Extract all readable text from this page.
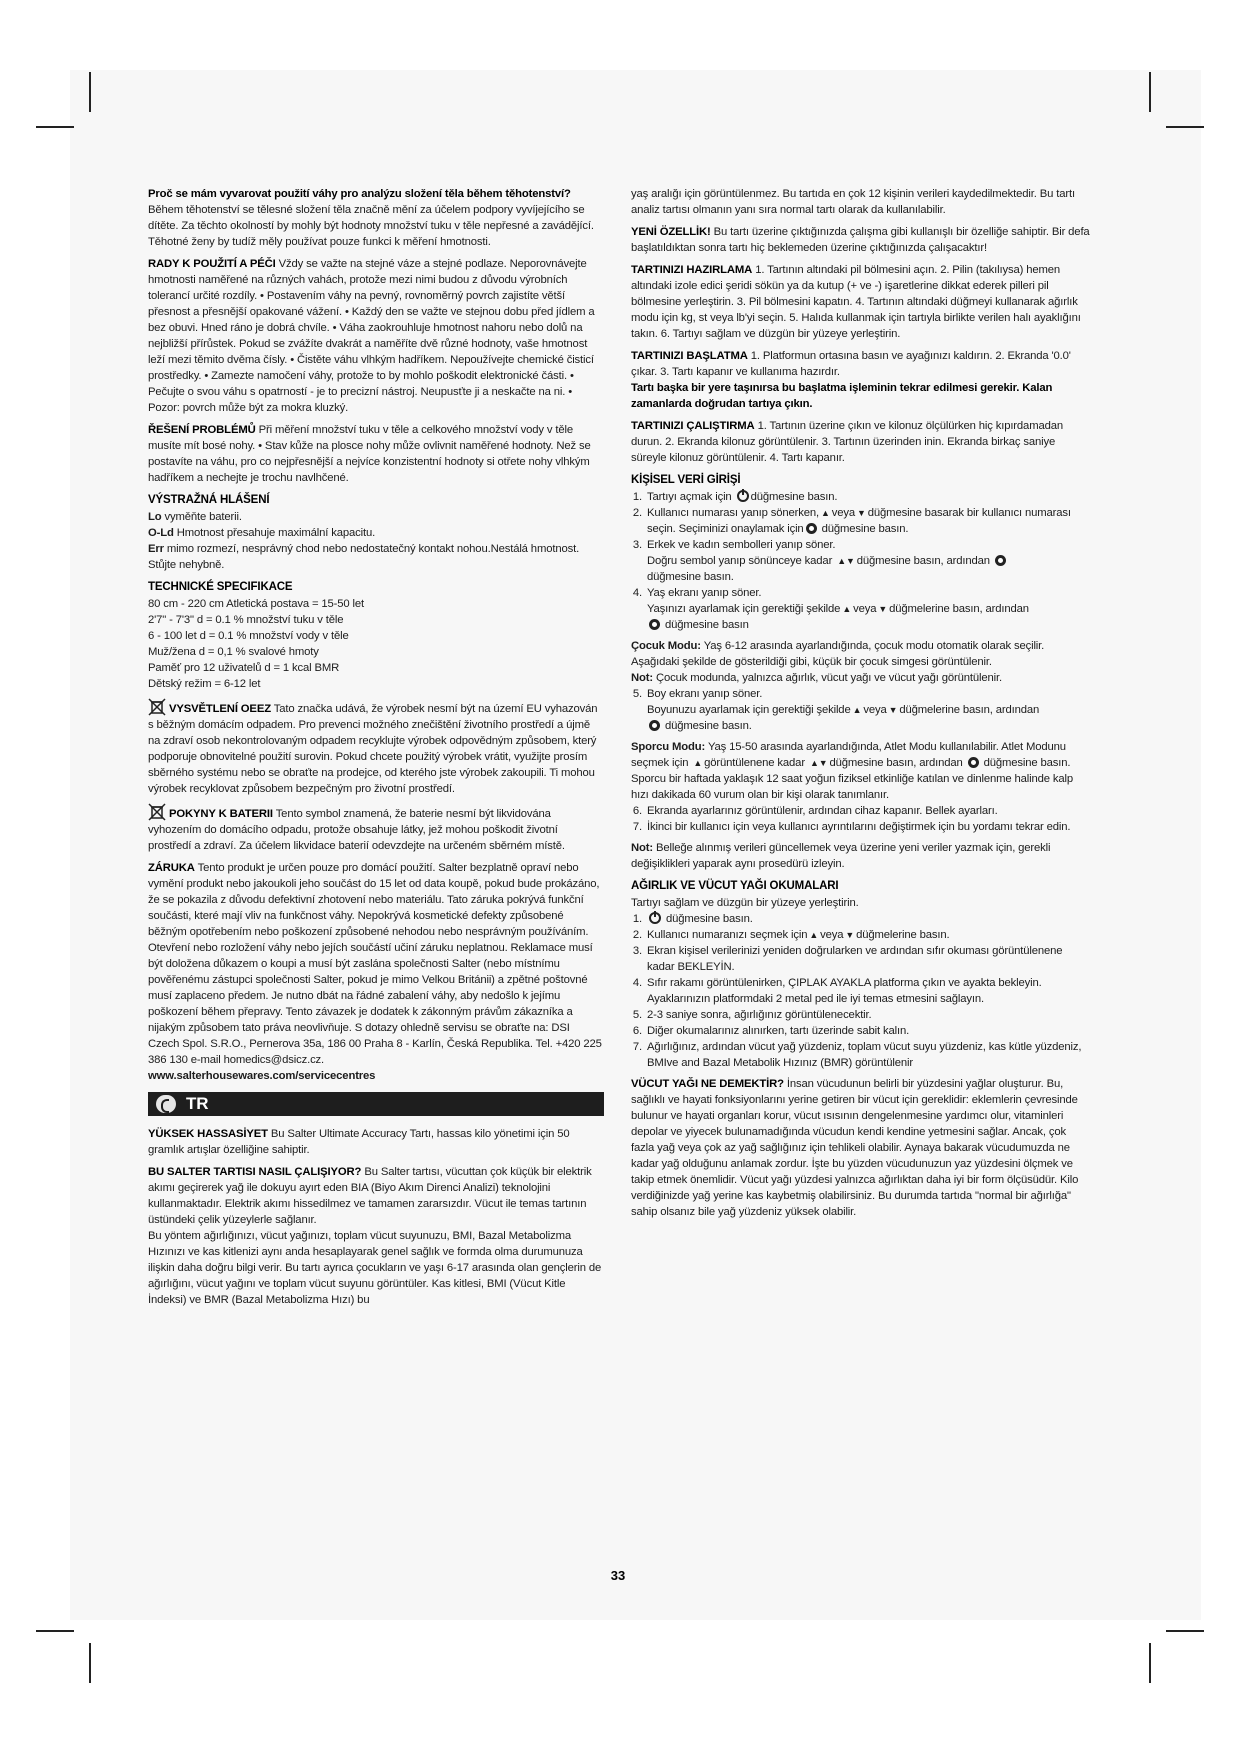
Proč se mám vyvarovat použití váhy pro analýzu složení těla během těhotenství?

Během těhotenství se tělesné složení těla značně mění za účelem podpory vyvíjejícího se dítěte. Za těchto okolností by mohly být hodnoty množství tuku v těle nepřesné a zavádějící. Těhotné ženy by tudíž měly používat pouze funkci k měření hmotnosti.

RADY K POUŽITÍ A PÉČI Vždy se važte na stejné váze a stejné podlaze. Neporovnávejte hmotnosti naměřené na různých vahách, protože mezi nimi budou z důvodu výrobních tolerancí určité rozdíly. • Postavením váhy na pevný, rovnoměrný povrch zajistíte větší přesnost a přesnější opakované vážení. • Každý den se važte ve stejnou dobu před jídlem a bez obuvi. Hned ráno je dobrá chvíle. • Váha zaokrouhluje hmotnost nahoru nebo dolů na nejbližší přírůstek. Pokud se zvážíte dvakrát a naměříte dvě různé hodnoty, vaše hmotnost leží mezi těmito dvěma čísly. • Čistěte váhu vlhkým hadříkem. Nepoužívejte chemické čisticí prostředky. • Zamezte namočení váhy, protože to by mohlo poškodit elektronické části. • Pečujte o svou váhu s opatrností - je to precizní nástroj. Neupusťte ji a neskačte na ni. • Pozor: povrch může být za mokra kluzký.

ŘEŠENÍ PROBLÉMŮ Při měření množství tuku v těle a celkového množství vody v těle musíte mít bosé nohy. • Stav kůže na plosce nohy může ovlivnit naměřené hodnoty. Než se postavíte na váhu, pro co nejpřesnější a nejvíce konzistentní hodnoty si otřete nohy vlhkým hadříkem a nechejte je trochu navlhčené.

VÝSTRAŽNÁ HLÁŠENÍ

Lo vyměňte baterii.

O-Ld Hmotnost přesahuje maximální kapacitu.

Err mimo rozmezí, nesprávný chod nebo nedostatečný kontakt nohou.Nestálá hmotnost. Stůjte nehybně.

TECHNICKÉ SPECIFIKACE
80 cm - 220 cm Atletická postava = 15-50 let
2'7" - 7'3" d = 0.1 % množství tuku v těle
6 - 100 let d = 0.1 % množství vody v těle
Muž/žena d = 0,1 % svalové hmoty
Paměť pro 12 uživatelů d = 1 kcal BMR
Dětský režim = 6-12 let

VYSVĚTLENÍ OEEZ Tato značka udává, že výrobek nesmí být na území EU vyhazován s běžným domácím odpadem. Pro prevenci možného znečištění životního prostředí a újmě na zdraví osob nekontrolovaným odpadem recyklujte výrobek odpovědným způsobem, který podporuje obnovitelné použití surovin. Pokud chcete použitý výrobek vrátit, využijte prosím sběrného systému nebo se obraťte na prodejce, od kterého jste výrobek zakoupili. Ti mohou výrobek recyklovat způsobem bezpečným pro životní prostředí.

POKYNY K BATERII Tento symbol znamená, že baterie nesmí být likvidována vyhozením do domácího odpadu, protože obsahuje látky, jež mohou poškodit životní prostředí a zdraví. Za účelem likvidace baterií odevzdejte na určeném sběrném místě.

ZÁRUKA Tento produkt je určen pouze pro domácí použití. Salter bezplatně opraví nebo vymění produkt nebo jakoukoli jeho součást do 15 let od data koupě, pokud bude prokázáno, že se pokazila z důvodu defektivní zhotovení nebo materiálu. Tato záruka pokrývá funkční součásti, které mají vliv na funkčnost váhy. Nepokrývá kosmetické defekty způsobené běžným opotřebením nebo poškození způsobené nehodou nebo nesprávným používáním. Otevření nebo rozložení váhy nebo jejích součástí učiní záruku neplatnou. Reklamace musí být doložena důkazem o koupi a musí být zaslána společnosti Salter (nebo místnímu pověřenému zástupci společnosti Salter, pokud je mimo Velkou Británii) a zpětné poštovné musí zaplaceno předem. Je nutno dbát na řádné zabalení váhy, aby nedošlo k jejímu poškození během přepravy. Tento závazek je dodatek k zákonným právům zákazníka a nijakým způsobem tato práva neovlivňuje. S dotazy ohledně servisu se obraťte na: DSI Czech Spol. S.R.O., Pernerova 35a, 186 00 Praha 8 - Karlín, Česká Republika. Tel. +420 225 386 130 e-mail homedics@dsicz.cz.

www.salterhousewares.com/servicecentres

TR

YÜKSEK HASSASİYET Bu Salter Ultimate Accuracy Tartı, hassas kilo yönetimi için 50 gramlık artışlar özelliğine sahiptir.

BU SALTER TARTISI NASIL ÇALIŞIYOR? Bu Salter tartısı, vücuttan çok küçük bir elektrik akımı geçirerek yağ ile dokuyu ayırt eden BIA (Biyo Akım Direnci Analizi) teknolojini kullanmaktadır. Elektrik akımı hissedilmez ve tamamen zararsızdır. Vücut ile temas tartının üstündeki çelik yüzeylerle sağlanır.

Bu yöntem ağırlığınızı, vücut yağınızı, toplam vücut suyunuzu, BMI, Bazal Metabolizma Hızınızı ve kas kitlenizi aynı anda hesaplayarak genel sağlık ve formda olma durumunuza ilişkin daha doğru bilgi verir. Bu tartı ayrıca çocukların ve yaşı 6-17 arasında olan gençlerin de ağırlığını, vücut yağını ve toplam vücut suyunu görüntüler. Kas kitlesi, BMI (Vücut Kitle İndeksi) ve BMR (Bazal Metabolizma Hızı) bu

yaş aralığı için görüntülenmez. Bu tartıda en çok 12 kişinin verileri kaydedilmektedir. Bu tartı analiz tartısı olmanın yanı sıra normal tartı olarak da kullanılabilir.

YENİ ÖZELLİK! Bu tartı üzerine çıktığınızda çalışma gibi kullanışlı bir özelliğe sahiptir. Bir defa başlatıldıktan sonra tartı hiç beklemeden üzerine çıktığınızda çalışacaktır!

TARTINIZI HAZIRLAMA 1. Tartının altındaki pil bölmesini açın. 2. Pilin (takılıysa) hemen altındaki izole edici şeridi sökün ya da kutup (+ ve -) işaretlerine dikkat ederek pilleri pil bölmesine yerleştirin. 3. Pil bölmesini kapatın. 4. Tartının altındaki düğmeyi kullanarak ağırlık modu için kg, st veya lb'yi seçin. 5. Halıda kullanmak için tartıyla birlikte verilen halı ayaklığını takın. 6. Tartıyı sağlam ve düzgün bir yüzeye yerleştirin.

TARTINIZI BAŞLATMA 1. Platformun ortasına basın ve ayağınızı kaldırın. 2. Ekranda '0.0' çıkar. 3. Tartı kapanır ve kullanıma hazırdır.

Tartı başka bir yere taşınırsa bu başlatma işleminin tekrar edilmesi gerekir. Kalan zamanlarda doğrudan tartıya çıkın.

TARTINIZI ÇALIŞTIRMA 1. Tartının üzerine çıkın ve kilonuz ölçülürken hiç kıpırdamadan durun. 2. Ekranda kilonuz görüntülenir. 3. Tartının üzerinden inin. Ekranda birkaç saniye süreyle kilonuz görüntülenir. 4. Tartı kapanır.

KİŞİSEL VERİ GİRİŞİ
1. Tartıyı açmak için düğmesine basın.
2. Kullanıcı numarası yanıp sönerken, ▲ veya ▼ düğmesine basarak bir kullanıcı numarası seçin. Seçiminizi onaylamak için düğmesine basın.
3. Erkek ve kadın sembolleri yanıp söner.
Doğru sembol yanıp sönünceye kadar ▲▼ düğmesine basın, ardından
düğmesine basın.
4. Yaş ekranı yanıp söner.
Yaşınızı ayarlamak için gerektiği şekilde ▲ veya ▼ düğmelerine basın, ardından
düğmesine basın

Çocuk Modu: Yaş 6-12 arasında ayarlandığında, çocuk modu otomatik olarak seçilir. Aşağıdaki şekilde de gösterildiği gibi, küçük bir çocuk simgesi görüntülenir.

Not: Çocuk modunda, yalnızca ağırlık, vücut yağı ve vücut yağı görüntülenir.

5. Boy ekranı yanıp söner.
Boyunuzu ayarlamak için gerektiği şekilde ▲ veya ▼ düğmelerine basın, ardından
düğmesine basın.

Sporcu Modu: Yaş 15-50 arasında ayarlandığında, Atlet Modu kullanılabilir. Atlet Modunu seçmek için ▲ görüntülenene kadar ▲▼ düğmesine basın, ardından düğmesine basın. Sporcu bir haftada yaklaşık 12 saat yoğun fiziksel etkinliğe katılan ve dinlenme halinde kalp hızı dakikada 60 vurum olan bir kişi olarak tanımlanır.

6. Ekranda ayarlarınız görüntülenir, ardından cihaz kapanır. Bellek ayarları.
7. İkinci bir kullanıcı için veya kullanıcı ayrıntılarını değiştirmek için bu yordamı tekrar edin.

Not: Belleğe alınmış verileri güncellemek veya üzerine yeni veriler yazmak için, gerekli değişiklikleri yaparak aynı prosedürü izleyin.

AĞIRLIK VE VÜCUT YAĞI OKUMALARI

Tartıyı sağlam ve düzgün bir yüzeye yerleştirin.

1. düğmesine basın.
2. Kullanıcı numaranızı seçmek için ▲ veya ▼ düğmelerine basın.
3. Ekran kişisel verilerinizi yeniden doğrularken ve ardından sıfır okuması görüntülenene kadar BEKLEYİN.
4. Sıfır rakamı görüntülenirken, ÇIPLAK AYAKLA platforma çıkın ve ayakta bekleyin. Ayaklarınızın platformdaki 2 metal ped ile iyi temas etmesini sağlayın.
5. 2-3 saniye sonra, ağırlığınız görüntülenecektir.
6. Diğer okumalarınız alınırken, tartı üzerinde sabit kalın.
7. Ağırlığınız, ardından vücut yağ yüzdeniz, toplam vücut suyu yüzdeniz, kas kütle yüzdeniz, BMIve and Bazal Metabolik Hızınız (BMR) görüntülenir

VÜCUT YAĞI NE DEMEKTİR? İnsan vücudunun belirli bir yüzdesini yağlar oluşturur. Bu, sağlıklı ve hayati fonksiyonlarını yerine getiren bir vücut için gereklidir: eklemlerin çevresinde bulunur ve hayati organları korur, vücut ısısının dengelenmesine yardımcı olur, vitaminleri depolar ve yiyecek bulunamadığında vücudun kendi kendine yetmesini sağlar. Ancak, çok fazla yağ veya çok az yağ sağlığınız için tehlikeli olabilir. Aynaya bakarak vücudumuzda ne kadar yağ olduğunu anlamak zordur. İşte bu yüzden vücudunuzun yaz yüzdesini ölçmek ve takip etmek önemlidir. Vücut yağı yüzdesi yalnızca ağırlıktan daha iyi bir form ölçüsüdür. Kilo verdiğinizde yağ yerine kas kaybetmiş olabilirsiniz. Bu durumda tartıda "normal bir ağırlığa" sahip olsanız bile yağ yüzdeniz yüksek olabilir.

33
